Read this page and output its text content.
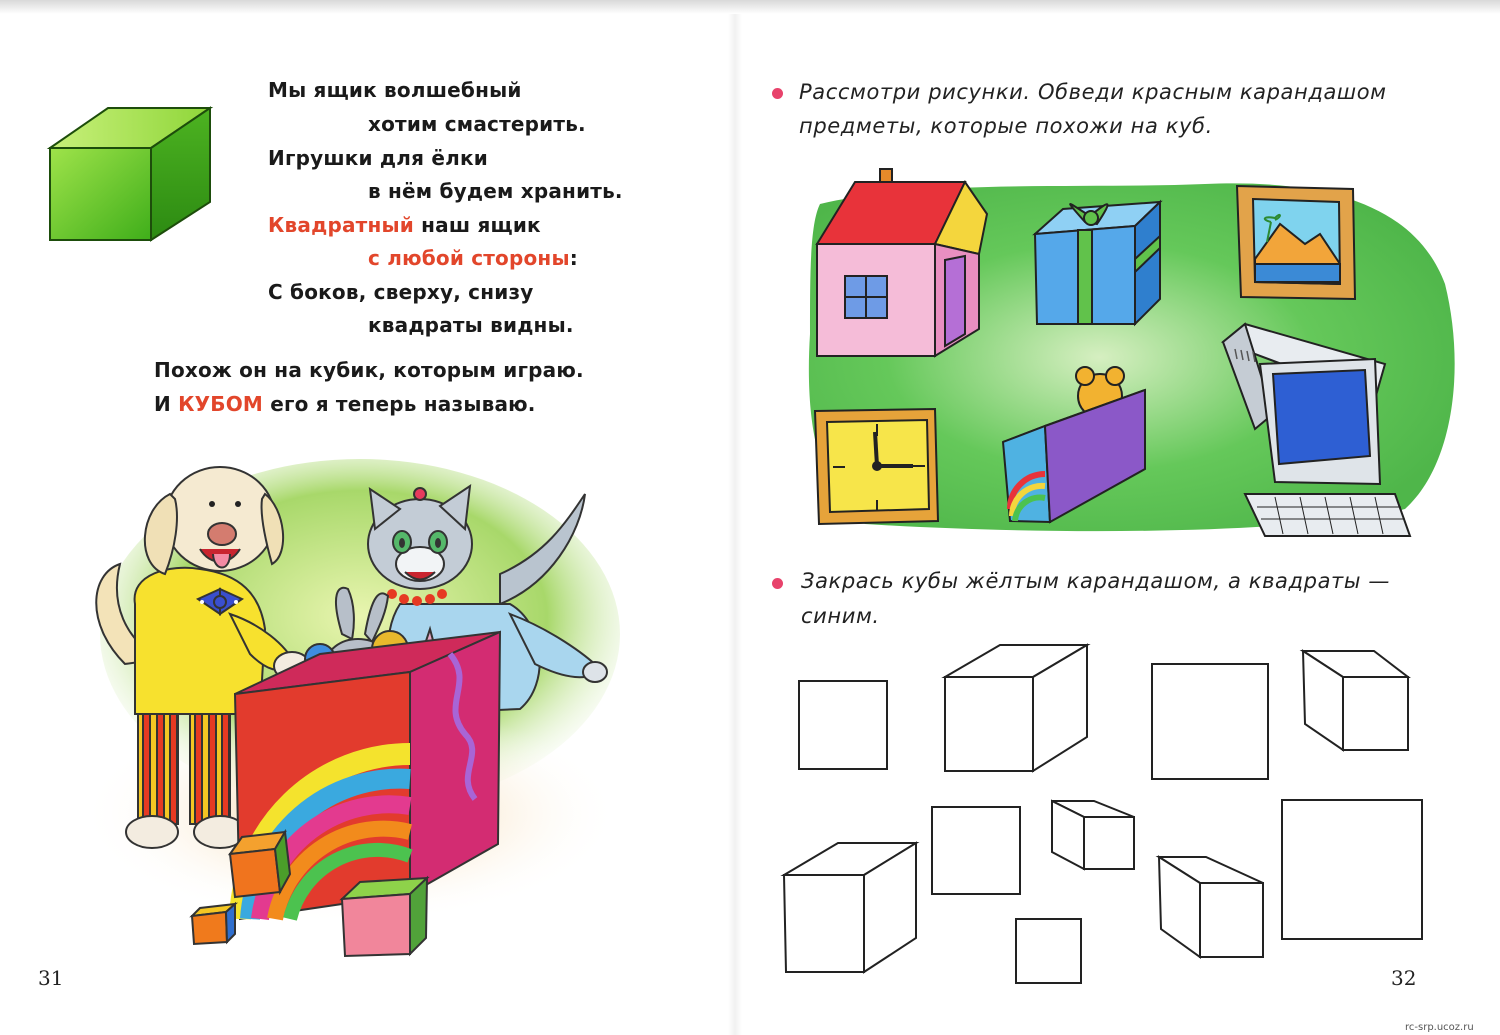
Мы ящик волшебный
хотим смастерить.
Игрушки для ёлки
в нём будем хранить.
Квадратный наш ящик
с любой стороны:
С боков, сверху, снизу
квадраты видны.
Похож он на кубик, которым играю.
И КУБОМ его я теперь называю.
31
Рассмотри рисунки. Обведи красным карандашом
предметы, которые похожи на куб.
Закрась кубы жёлтым карандашом, а квадраты —
синим.
32
rc-srp.ucoz.ru
